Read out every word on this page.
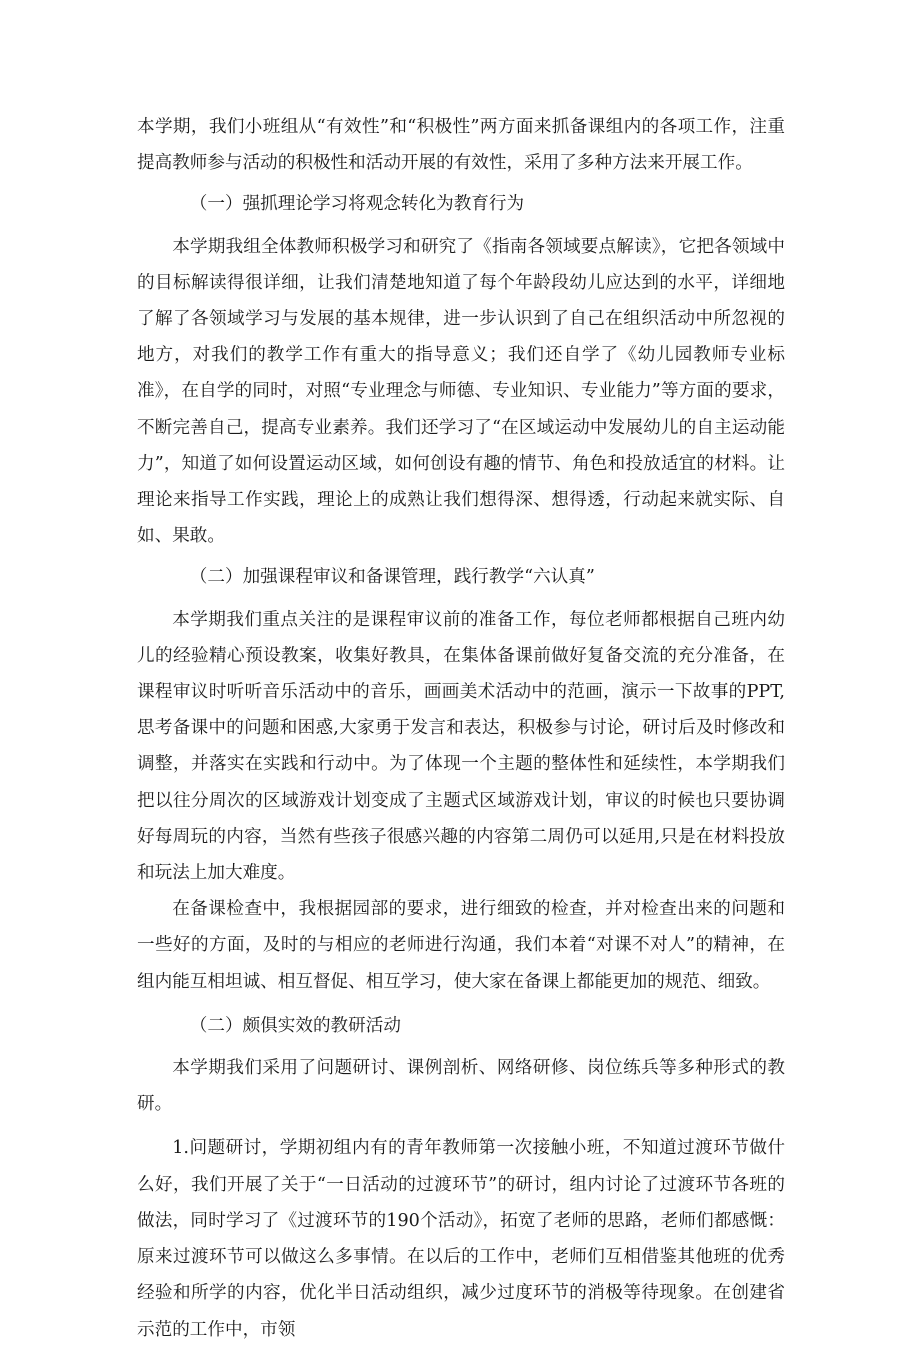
本学期，我们小班组从“有效性”和“积极性”两方面来抓备课组内的各项工作，注重提高教师参与活动的积极性和活动开展的有效性，采用了多种方法来开展工作。

（一）强抓理论学习将观念转化为教育行为

本学期我组全体教师积极学习和研究了《指南各领域要点解读》，它把各领域中的目标解读得很详细，让我们清楚地知道了每个年龄段幼儿应达到的水平，详细地了解了各领域学习与发展的基本规律，进一步认识到了自己在组织活动中所忽视的地方，对我们的教学工作有重大的指导意义；我们还自学了《幼儿园教师专业标准》，在自学的同时，对照“专业理念与师德、专业知识、专业能力”等方面的要求，不断完善自己，提高专业素养。我们还学习了“在区域运动中发展幼儿的自主运动能力”，知道了如何设置运动区域，如何创设有趣的情节、角色和投放适宜的材料。让理论来指导工作实践，理论上的成熟让我们想得深、想得透，行动起来就实际、自如、果敢。

（二）加强课程审议和备课管理，践行教学“六认真”

本学期我们重点关注的是课程审议前的准备工作，每位老师都根据自己班内幼儿的经验精心预设教案，收集好教具，在集体备课前做好复备交流的充分准备，在课程审议时听听音乐活动中的音乐，画画美术活动中的范画，演示一下故事的PPT,思考备课中的问题和困惑,大家勇于发言和表达，积极参与讨论，研讨后及时修改和调整，并落实在实践和行动中。为了体现一个主题的整体性和延续性，本学期我们把以往分周次的区域游戏计划变成了主题式区域游戏计划，审议的时候也只要协调好每周玩的内容，当然有些孩子很感兴趣的内容第二周仍可以延用,只是在材料投放和玩法上加大难度。

在备课检查中，我根据园部的要求，进行细致的检查，并对检查出来的问题和一些好的方面，及时的与相应的老师进行沟通，我们本着“对课不对人”的精神，在组内能互相坦诚、相互督促、相互学习，使大家在备课上都能更加的规范、细致。

（二）颇俱实效的教研活动

本学期我们采用了问题研讨、课例剖析、网络研修、岗位练兵等多种形式的教研。

1.问题研讨，学期初组内有的青年教师第一次接触小班，不知道过渡环节做什么好，我们开展了关于“一日活动的过渡环节”的研讨，组内讨论了过渡环节各班的做法，同时学习了《过渡环节的190个活动》，拓宽了老师的思路，老师们都感慨：原来过渡环节可以做这么多事情。在以后的工作中，老师们互相借鉴其他班的优秀经验和所学的内容，优化半日活动组织，减少过度环节的消极等待现象。在创建省示范的工作中，市领
